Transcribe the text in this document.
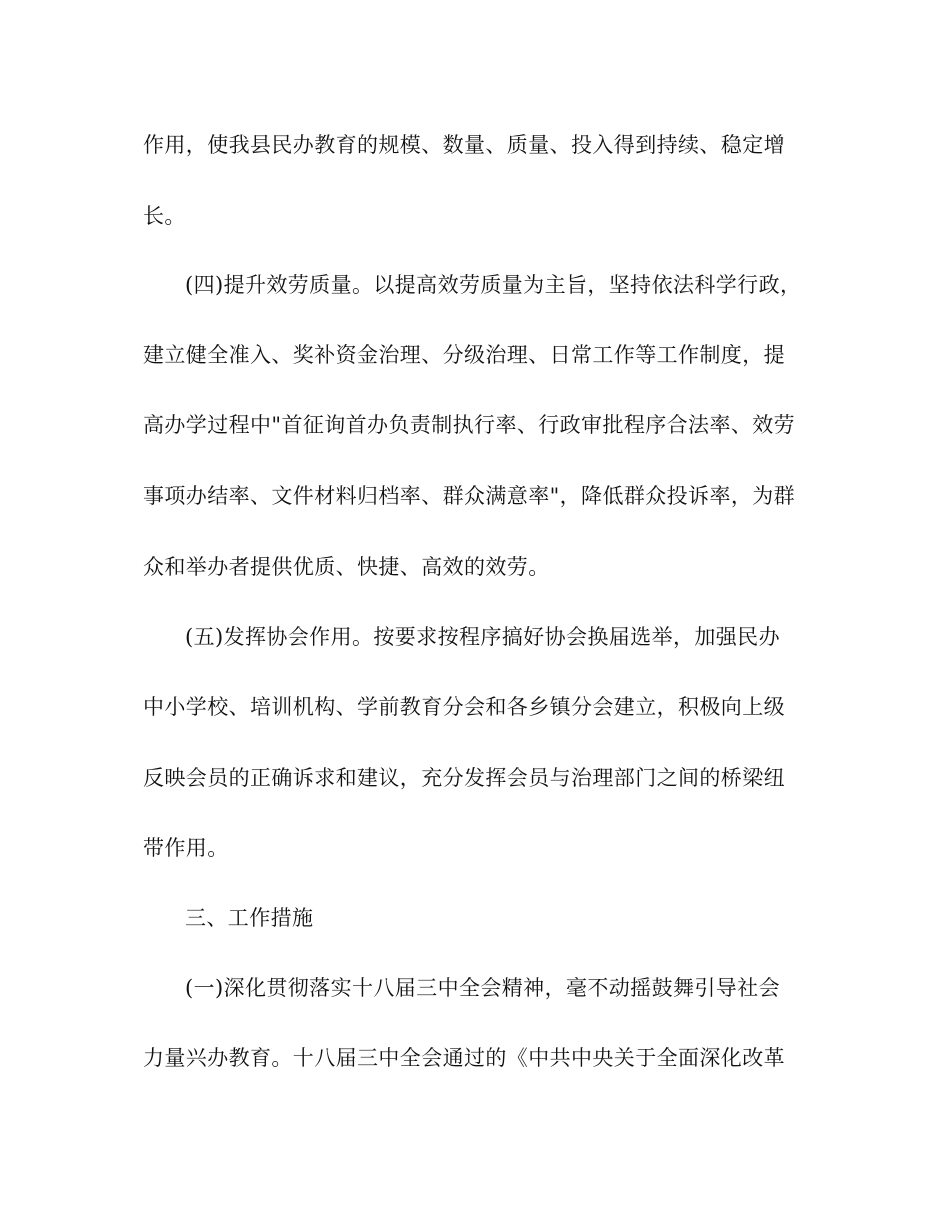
作用，使我县民办教育的规模、数量、质量、投入得到持续、稳定增
长。
(四)提升效劳质量。以提高效劳质量为主旨，坚持依法科学行政，
建立健全准入、奖补资金治理、分级治理、日常工作等工作制度，提
高办学过程中"首征询首办负责制执行率、行政审批程序合法率、效劳
事项办结率、文件材料归档率、群众满意率"，降低群众投诉率，为群
众和举办者提供优质、快捷、高效的效劳。
(五)发挥协会作用。按要求按程序搞好协会换届选举，加强民办
中小学校、培训机构、学前教育分会和各乡镇分会建立，积极向上级
反映会员的正确诉求和建议，充分发挥会员与治理部门之间的桥梁纽
带作用。
三、工作措施
(一)深化贯彻落实十八届三中全会精神，毫不动摇鼓舞引导社会
力量兴办教育。十八届三中全会通过的《中共中央关于全面深化改革
